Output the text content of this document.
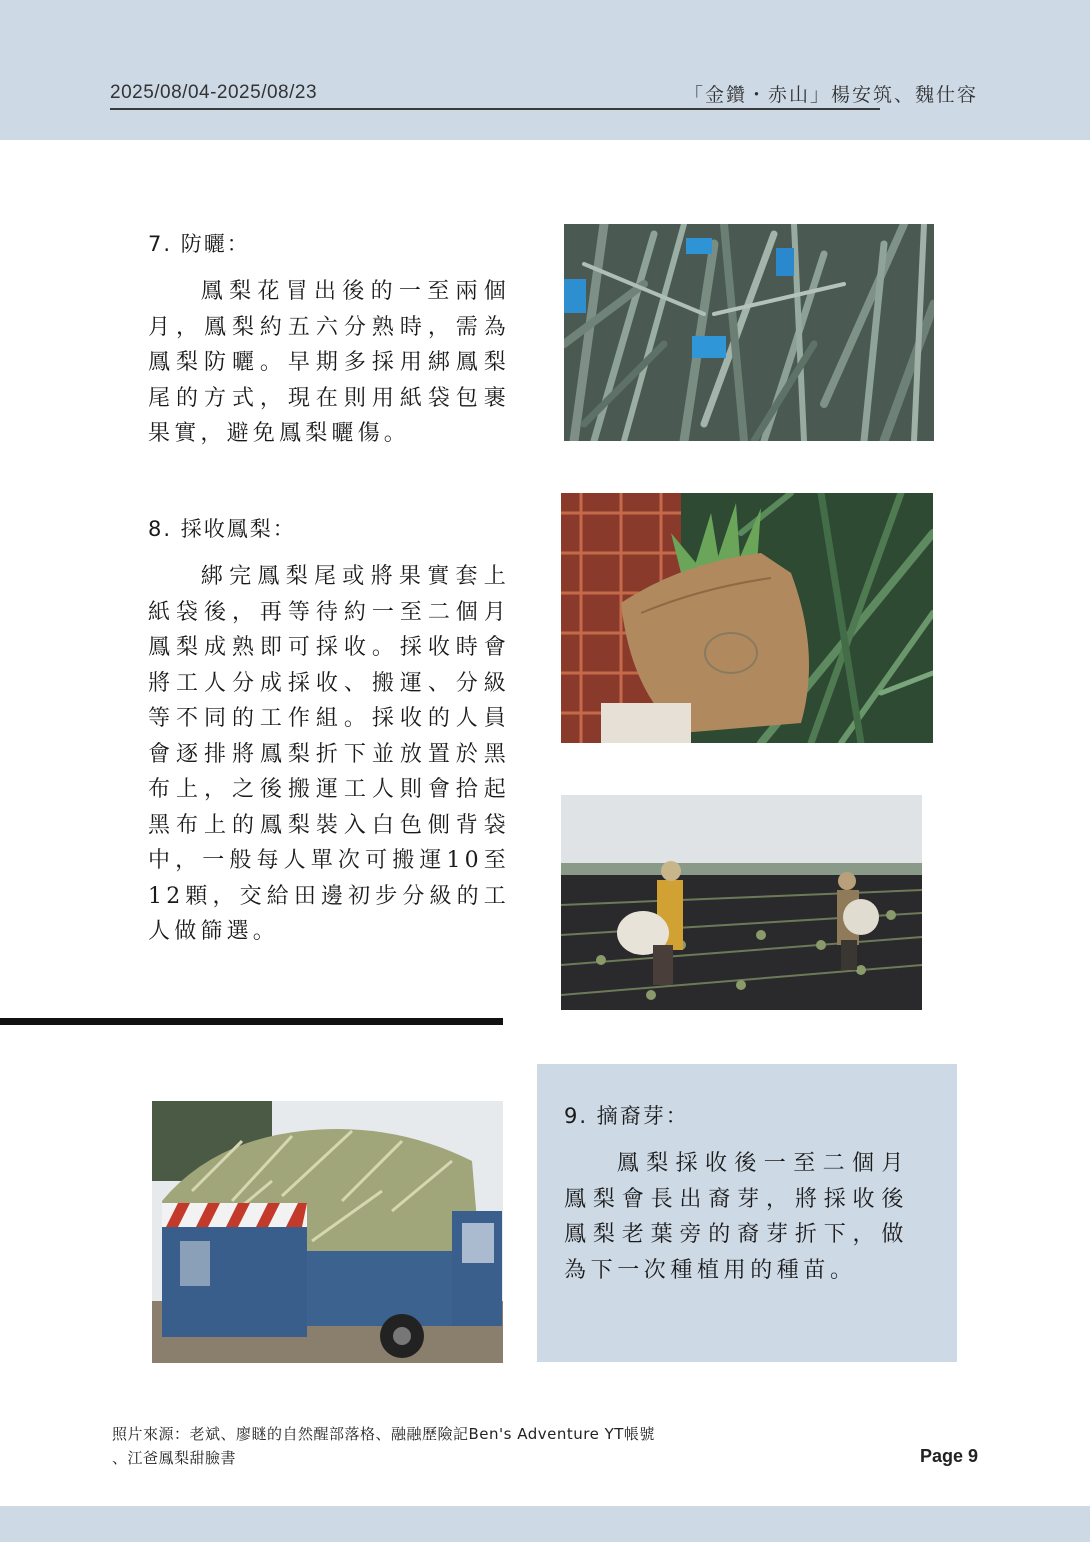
2025/08/04-2025/08/23	「金鑽・赤山」楊安筑、魏仕容
7. 防曬：

鳳梨花冒出後的一至兩個月，鳳梨約五六分熟時，需為鳳梨防曬。早期多採用綁鳳梨尾的方式，現在則用紙袋包裹果實，避免鳳梨曬傷。

8. 採收鳳梨：

綁完鳳梨尾或將果實套上紙袋後，再等待約一至二個月鳳梨成熟即可採收。採收時會將工人分成採收、搬運、分級等不同的工作組。採收的人員會逐排將鳳梨折下並放置於黑布上，之後搬運工人則會拾起黑布上的鳳梨裝入白色側背袋中，一般每人單次可搬運10至12顆，交給田邊初步分級的工人做篩選。

9. 摘裔芽：

鳳梨採收後一至二個月鳳梨會長出裔芽，將採收後鳳梨老葉旁的裔芽折下，做為下一次種植用的種苗。

照片來源：老斌、廖瞇的自然醒部落格、融融歷險記Ben's Adventure YT帳號
、江爸鳳梨甜臉書	Page 9
